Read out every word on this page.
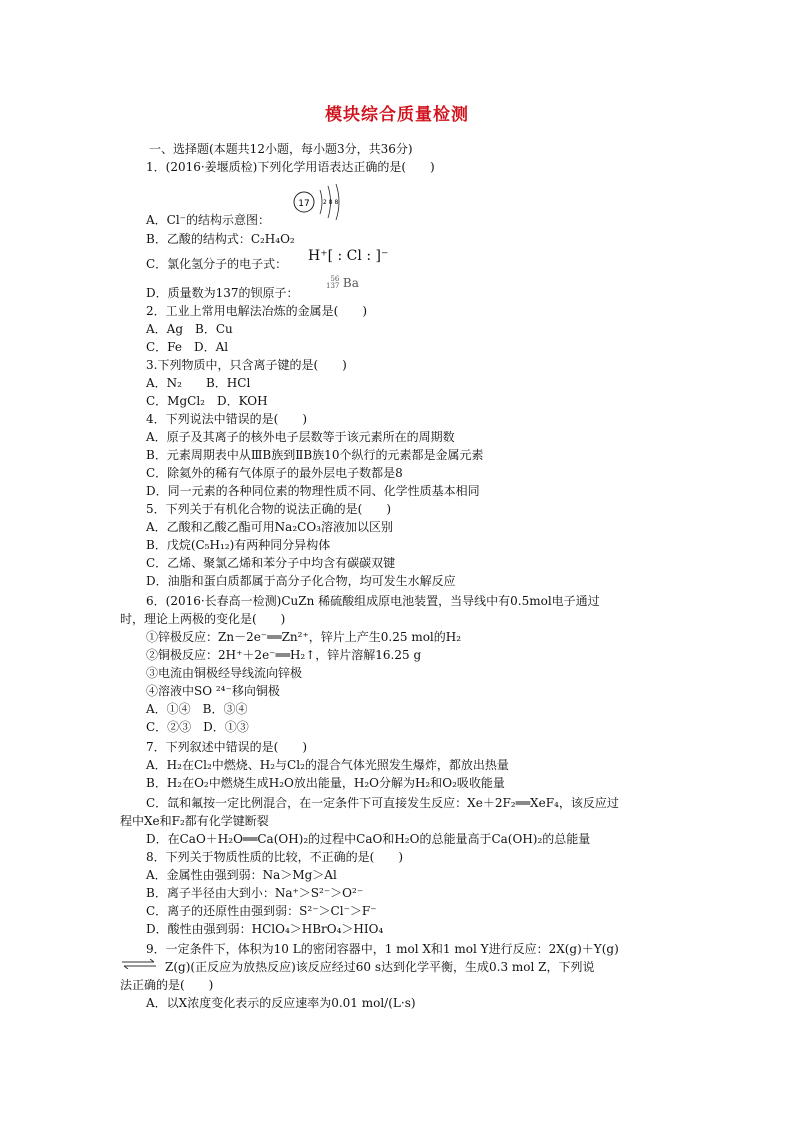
模块综合质量检测
一、选择题(本题共12小题，每小题3分，共36分)
1．(2016·姜堰质检)下列化学用语表达正确的是(　　)
A．Cl⁻的结构示意图：
B．乙酸的结构式：C₂H₄O₂
C．氯化氢分子的电子式：
D．质量数为137的钡原子：
2．工业上常用电解法冶炼的金属是(　　)
A．Ag　B．Cu
C．Fe　D．Al
3.下列物质中，只含离子键的是(　　)
A．N₂　　B．HCl
C．MgCl₂　D．KOH
4．下列说法中错误的是(　　)
A．原子及其离子的核外电子层数等于该元素所在的周期数
B．元素周期表中从ⅢB族到ⅡB族10个纵行的元素都是金属元素
C．除氦外的稀有气体原子的最外层电子数都是8
D．同一元素的各种同位素的物理性质不同、化学性质基本相同
5．下列关于有机化合物的说法正确的是(　　)
A．乙酸和乙酸乙酯可用Na₂CO₃溶液加以区别
B．戊烷(C₅H₁₂)有两种同分异构体
C．乙烯、聚氯乙烯和苯分子中均含有碳碳双键
D．油脂和蛋白质都属于高分子化合物，均可发生水解反应
6．(2016·长春高一检测)CuZn 稀硫酸组成原电池装置，当导线中有0.5mol电子通过
时，理论上两极的变化是(　　)
①锌极反应：Zn－2e⁻══Zn²⁺，锌片上产生0.25 mol的H₂
②铜极反应：2H⁺＋2e⁻══H₂↑，锌片溶解16.25 g
③电流由铜极经导线流向锌极
④溶液中SO ²⁴⁻移向铜极
A．①④　B．③④
C．②③　D．①③
7．下列叙述中错误的是(　　)
A．H₂在Cl₂中燃烧、H₂与Cl₂的混合气体光照发生爆炸，都放出热量
B．H₂在O₂中燃烧生成H₂O放出能量，H₂O分解为H₂和O₂吸收能量
C．氙和氟按一定比例混合，在一定条件下可直接发生反应：Xe＋2F₂══XeF₄，该反应过
程中Xe和F₂都有化学键断裂
D．在CaO＋H₂O══Ca(OH)₂的过程中CaO和H₂O的总能量高于Ca(OH)₂的总能量
8．下列关于物质性质的比较，不正确的是(　　)
A．金属性由强到弱：Na＞Mg＞Al
B．离子半径由大到小：Na⁺＞S²⁻＞O²⁻
C．离子的还原性由强到弱：S²⁻＞Cl⁻＞F⁻
D．酸性由强到弱：HClO₄＞HBrO₄＞HIO₄
9．一定条件下，体积为10 L的密闭容器中，1 mol X和1 mol Y进行反应：2X(g)＋Y(g)
Z(g)(正反应为放热反应)该反应经过60 s达到化学平衡，生成0.3 mol Z，下列说
法正确的是(　　)
A．以X浓度变化表示的反应速率为0.01 mol/(L·s)
17 2 8 8
H⁺[ : Cl : ]⁻
56
137 Ba
